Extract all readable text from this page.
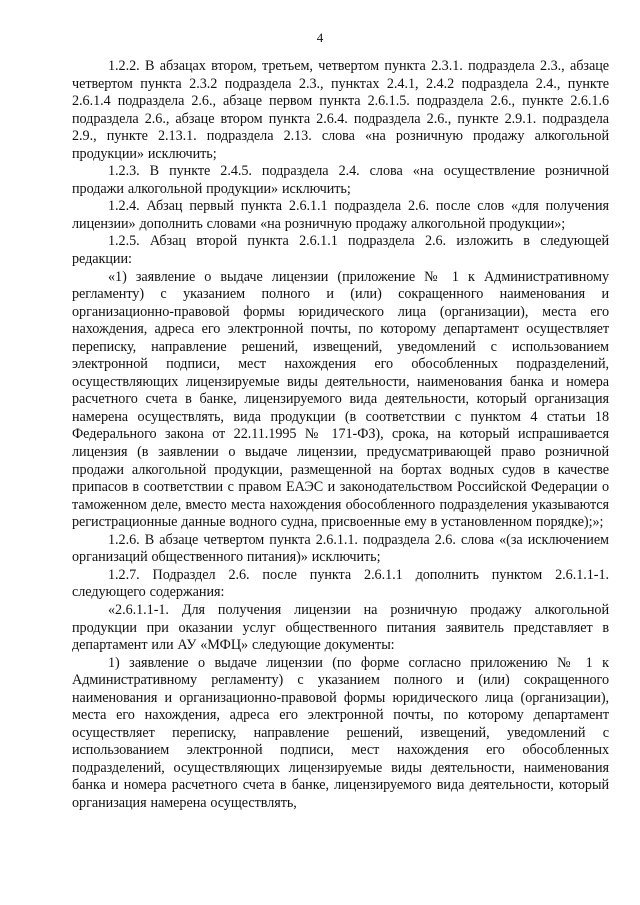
4

1.2.2. В абзацах втором, третьем, четвертом пункта 2.3.1. подраздела 2.3., абзаце четвертом пункта 2.3.2 подраздела 2.3., пунктах 2.4.1, 2.4.2 подраздела 2.4., пункте 2.6.1.4 подраздела 2.6., абзаце первом пункта 2.6.1.5. подраздела 2.6., пункте 2.6.1.6 подраздела 2.6., абзаце втором пункта 2.6.4. подраздела 2.6., пункте 2.9.1. подраздела 2.9., пункте 2.13.1. подраздела 2.13. слова «на розничную продажу алкогольной продукции» исключить;

1.2.3. В пункте 2.4.5. подраздела 2.4. слова «на осуществление розничной продажи алкогольной продукции» исключить;

1.2.4. Абзац первый пункта 2.6.1.1 подраздела 2.6. после слов «для получения лицензии» дополнить словами «на розничную продажу алкогольной продукции»;

1.2.5. Абзац второй пункта 2.6.1.1 подраздела 2.6. изложить в следующей редакции:

«1) заявление о выдаче лицензии (приложение № 1 к Административному регламенту) с указанием полного и (или) сокращенного наименования и организационно-правовой формы юридического лица (организации), места его нахождения, адреса его электронной почты, по которому департамент осуществляет переписку, направление решений, извещений, уведомлений с использованием электронной подписи, мест нахождения его обособленных подразделений, осуществляющих лицензируемые виды деятельности, наименования банка и номера расчетного счета в банке, лицензируемого вида деятельности, который организация намерена осуществлять, вида продукции (в соответствии с пунктом 4 статьи 18 Федерального закона от 22.11.1995 № 171-ФЗ), срока, на который испрашивается лицензия (в заявлении о выдаче лицензии, предусматривающей право розничной продажи алкогольной продукции, размещенной на бортах водных судов в качестве припасов в соответствии с правом ЕАЭС и законодательством Российской Федерации о таможенном деле, вместо места нахождения обособленного подразделения указываются регистрационные данные водного судна, присвоенные ему в установленном порядке);»;

1.2.6. В абзаце четвертом пункта 2.6.1.1. подраздела 2.6. слова «(за исключением организаций общественного питания)» исключить;

1.2.7. Подраздел 2.6. после пункта 2.6.1.1 дополнить пунктом 2.6.1.1-1. следующего содержания:

«2.6.1.1-1. Для получения лицензии на розничную продажу алкогольной продукции при оказании услуг общественного питания заявитель представляет в департамент или АУ «МФЦ» следующие документы:

1) заявление о выдаче лицензии (по форме согласно приложению № 1 к Административному регламенту) с указанием полного и (или) сокращенного наименования и организационно-правовой формы юридического лица (организации), места его нахождения, адреса его электронной почты, по которому департамент осуществляет переписку, направление решений, извещений, уведомлений с использованием электронной подписи, мест нахождения его обособленных подразделений, осуществляющих лицензируемые виды деятельности, наименования банка и номера расчетного счета в банке, лицензируемого вида деятельности, который организация намерена осуществлять,
